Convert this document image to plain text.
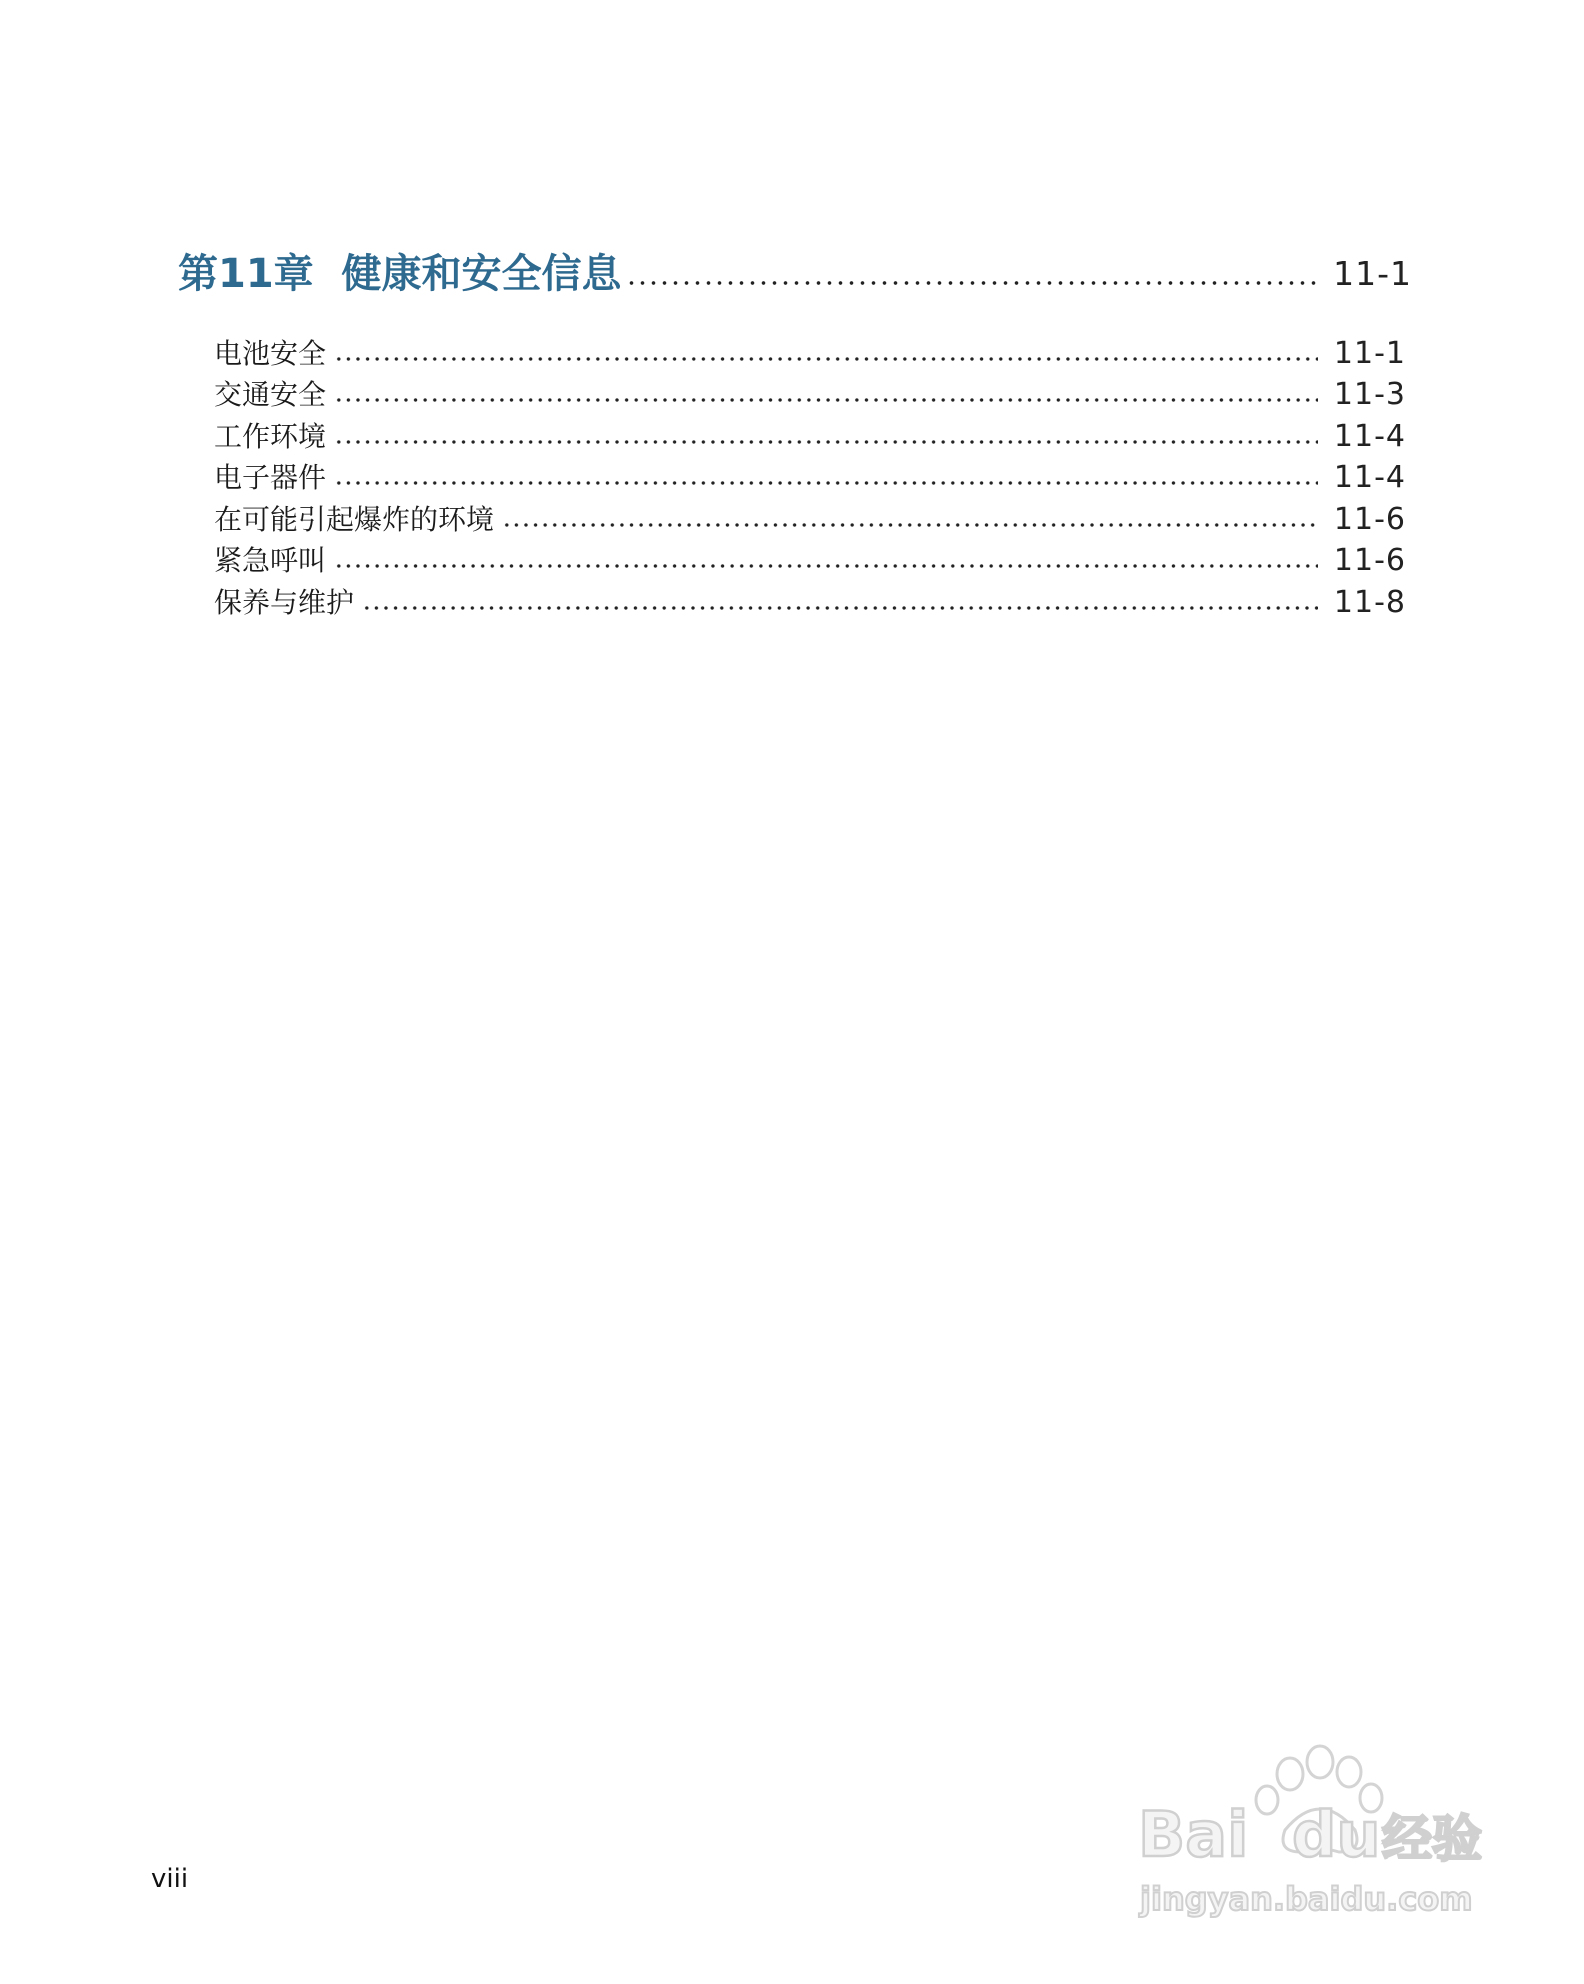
第11章  健康和安全信息	11-1
电池安全	11-1
交通安全	11-3
工作环境	11-4
电子器件	11-4
在可能引起爆炸的环境	11-6
紧急呼叫	11-6
保养与维护	11-8
viii
Bai du 经验
jingyan.baidu.com
